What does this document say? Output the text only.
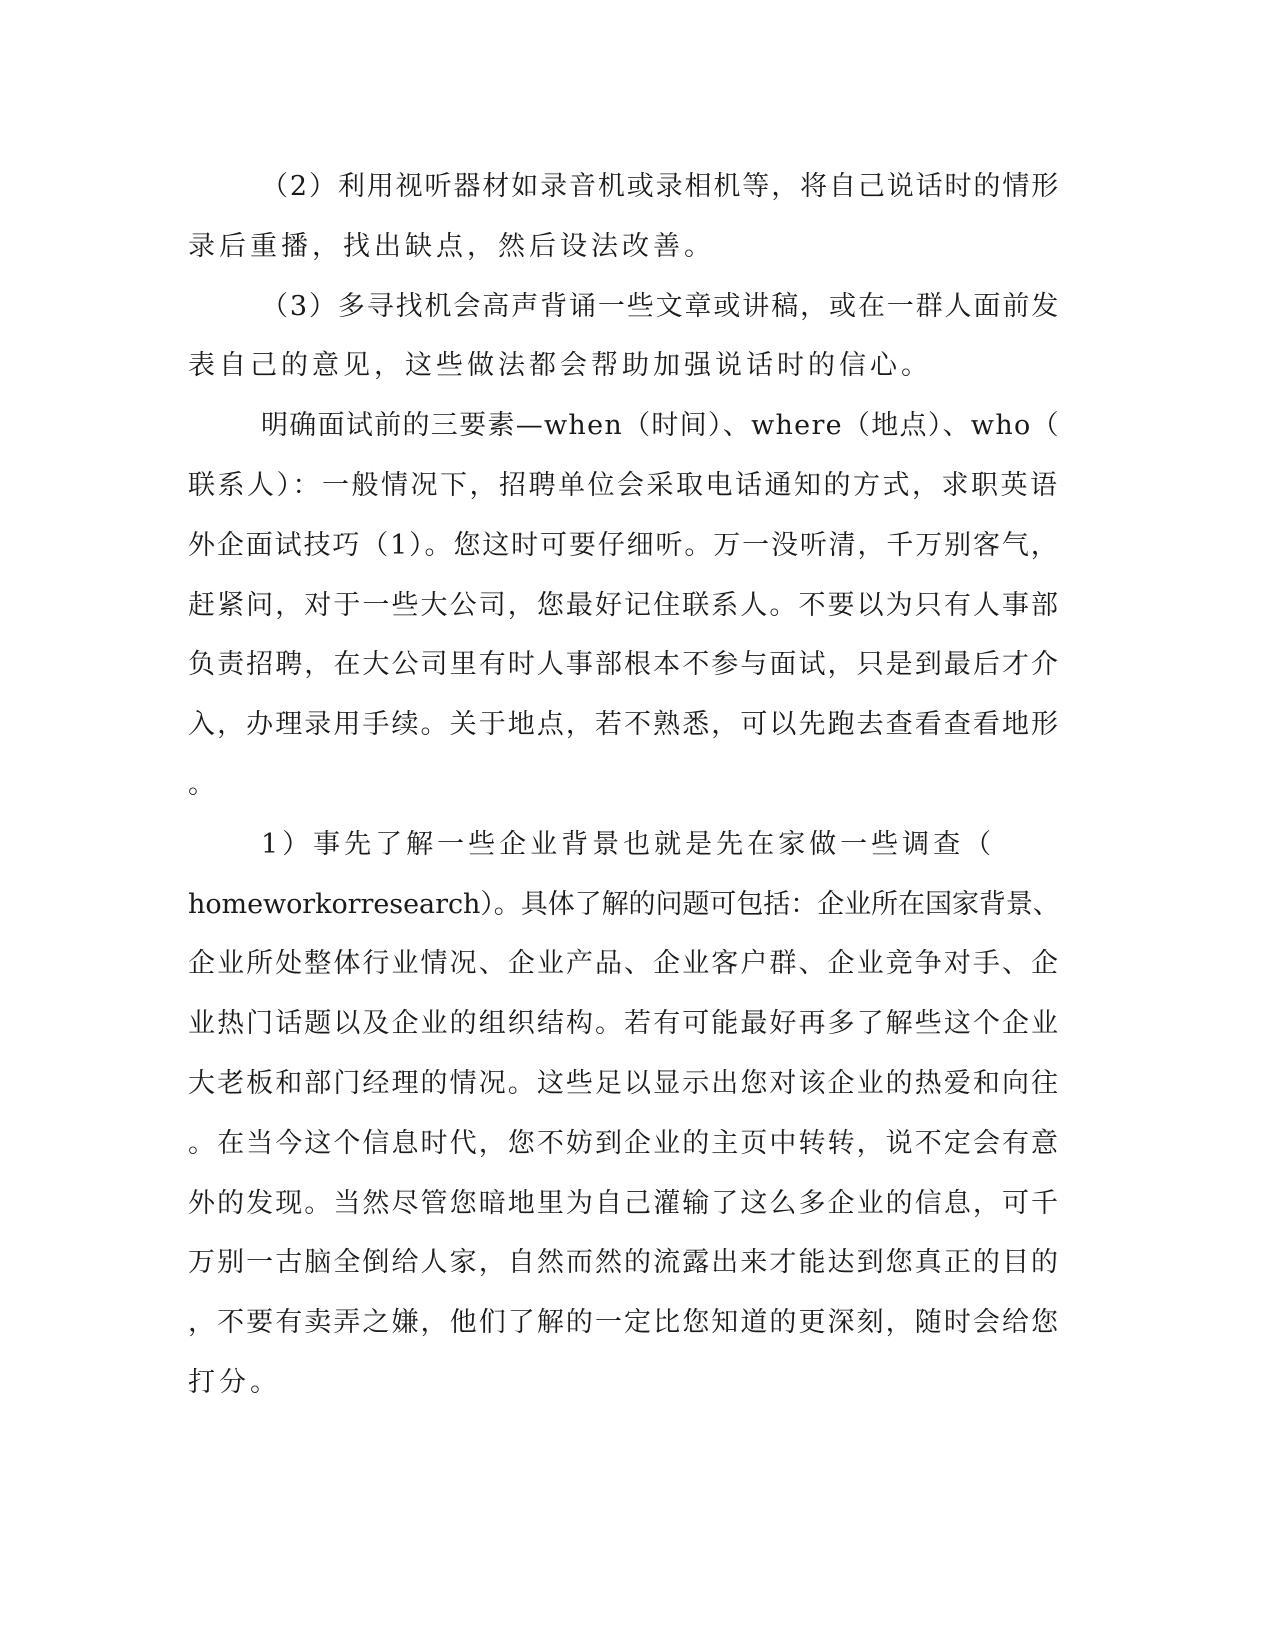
（2）利用视听器材如录音机或录相机等，将自己说话时的情形
录后重播，找出缺点，然后设法改善。
（3）多寻找机会高声背诵一些文章或讲稿，或在一群人面前发
表自己的意见，这些做法都会帮助加强说话时的信心。
明确面试前的三要素—when（时间）、where（地点）、who（
联系人）：一般情况下，招聘单位会采取电话通知的方式，求职英语
外企面试技巧（1）。您这时可要仔细听。万一没听清，千万别客气，
赶紧问，对于一些大公司，您最好记住联系人。不要以为只有人事部
负责招聘，在大公司里有时人事部根本不参与面试，只是到最后才介
入，办理录用手续。关于地点，若不熟悉，可以先跑去查看查看地形
。
1）事先了解一些企业背景也就是先在家做一些调查（
homeworkorresearch）。具体了解的问题可包括：企业所在国家背景、
企业所处整体行业情况、企业产品、企业客户群、企业竞争对手、企
业热门话题以及企业的组织结构。若有可能最好再多了解些这个企业
大老板和部门经理的情况。这些足以显示出您对该企业的热爱和向往
。在当今这个信息时代，您不妨到企业的主页中转转，说不定会有意
外的发现。当然尽管您暗地里为自己灌输了这么多企业的信息，可千
万别一古脑全倒给人家，自然而然的流露出来才能达到您真正的目的
，不要有卖弄之嫌，他们了解的一定比您知道的更深刻，随时会给您
打分。
